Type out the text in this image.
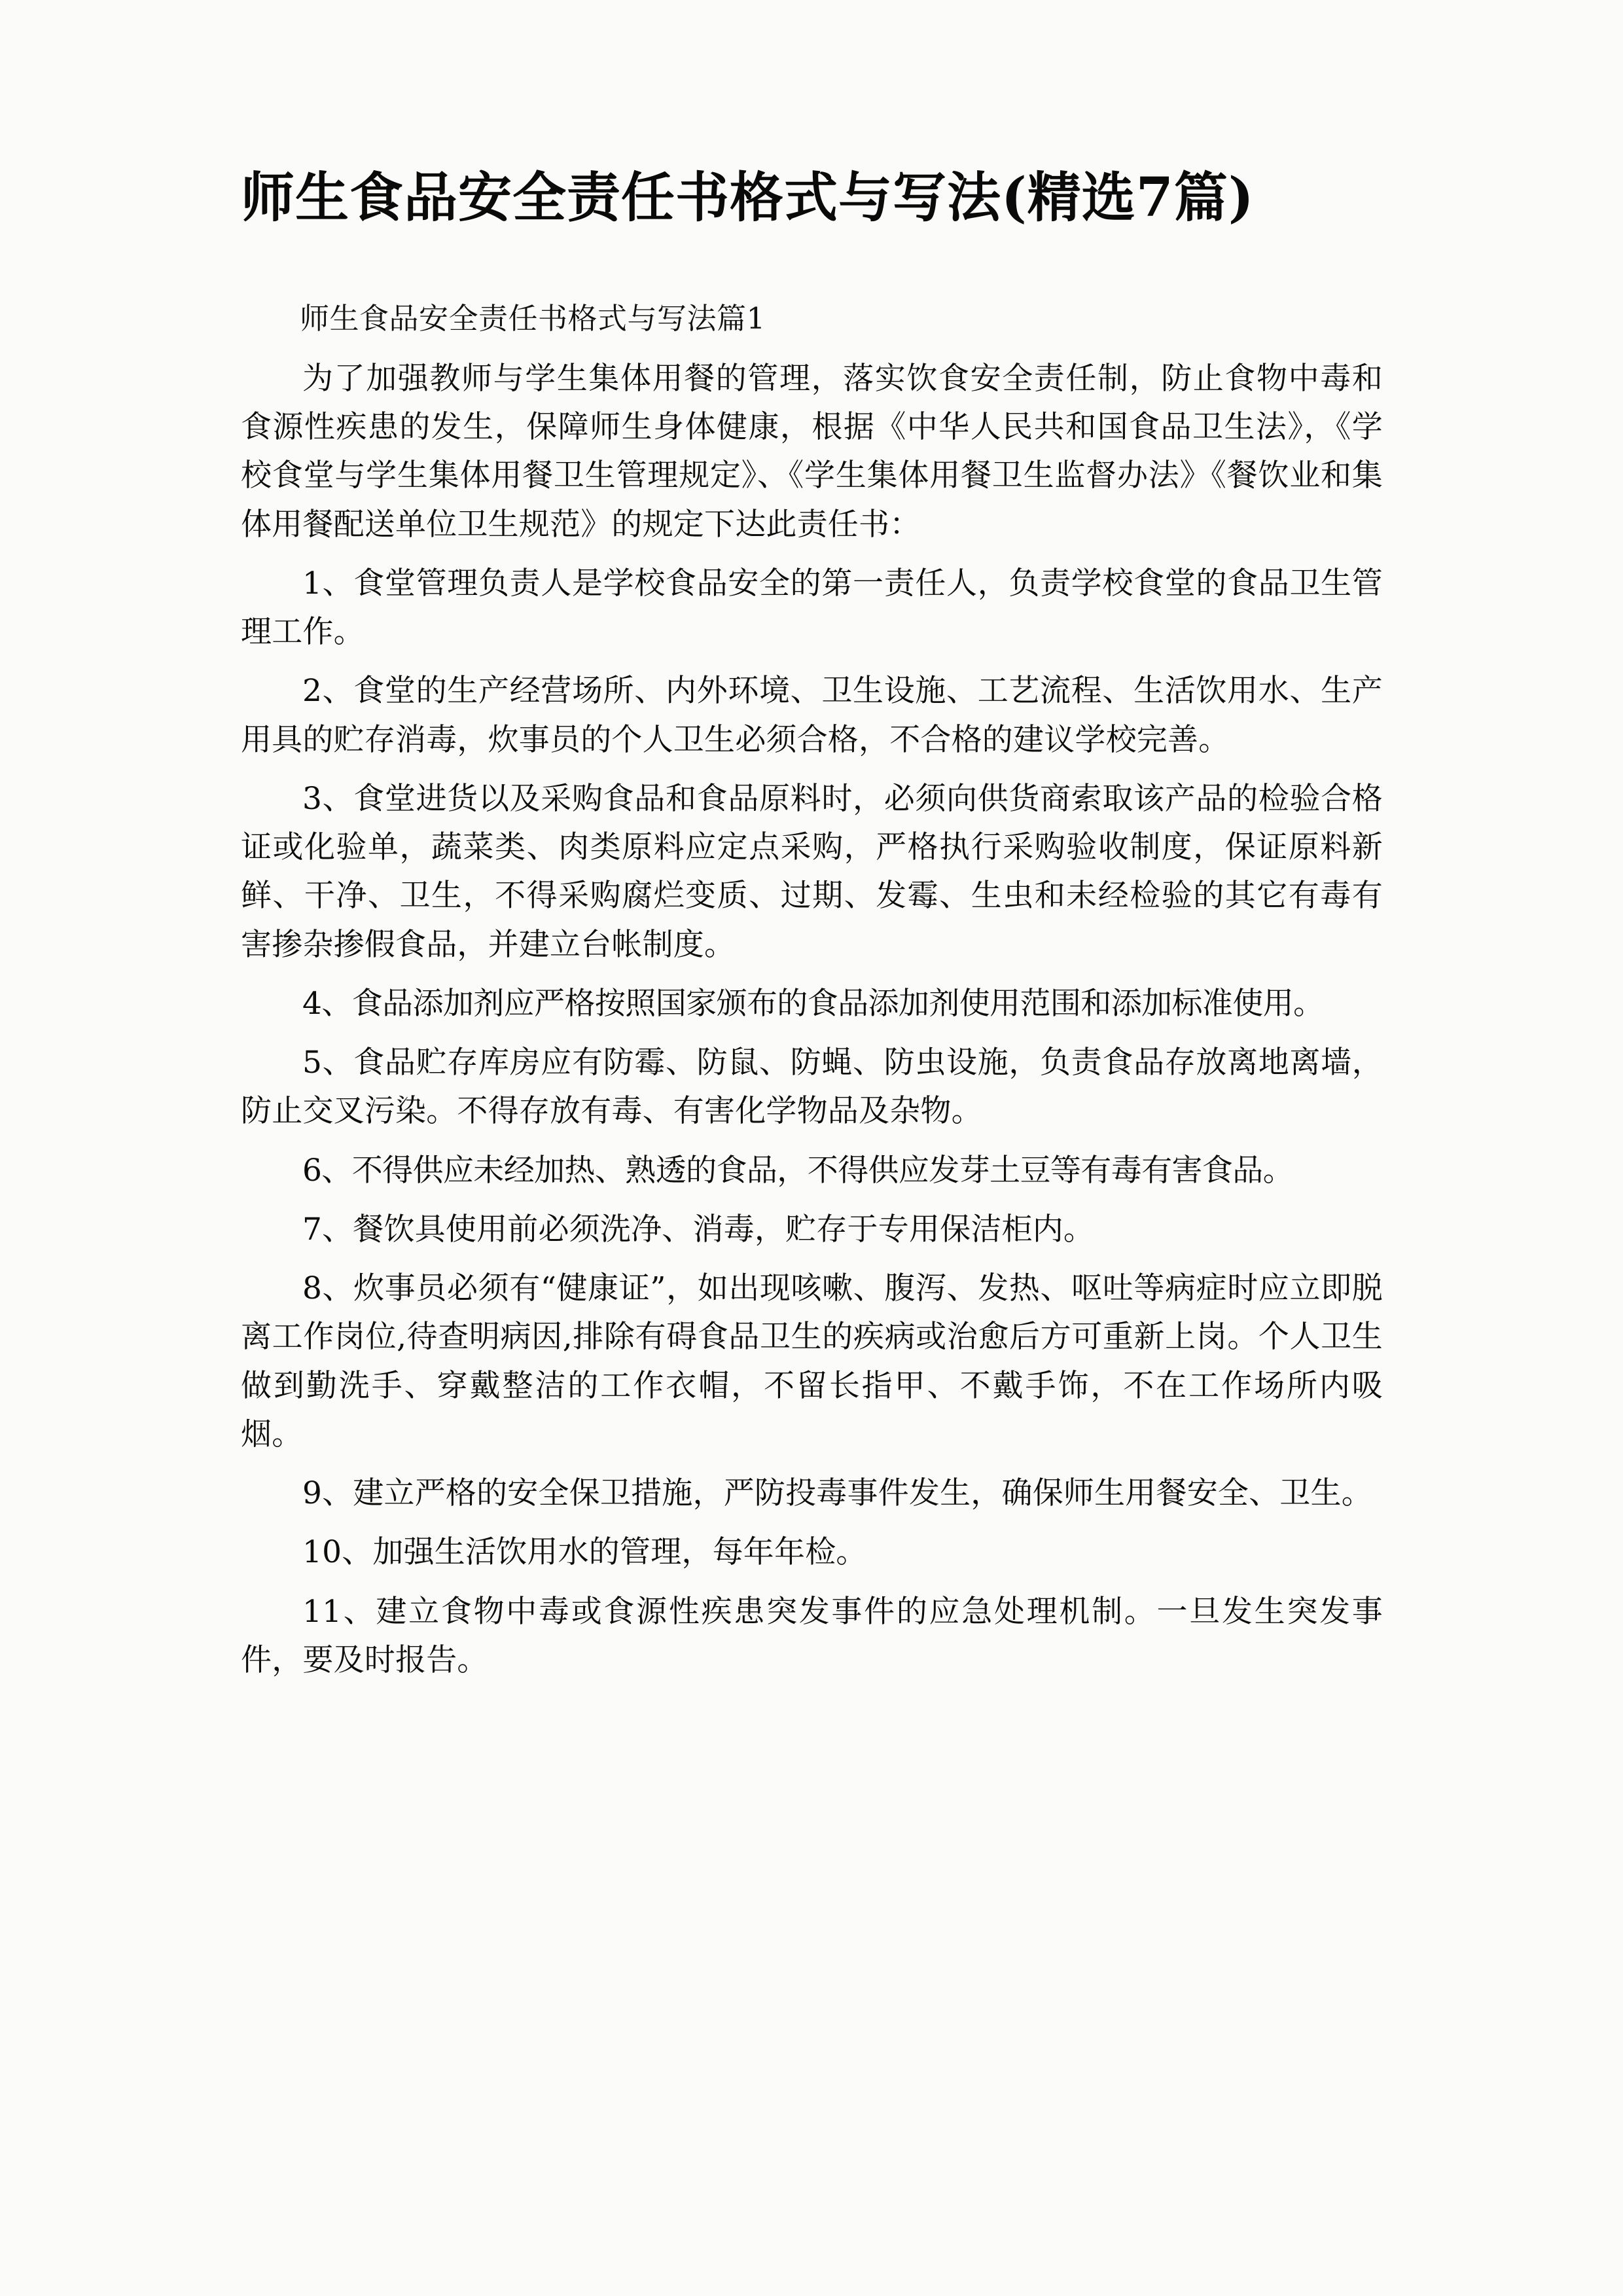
师生食品安全责任书格式与写法(精选7篇)
师生食品安全责任书格式与写法篇1

为了加强教师与学生集体用餐的管理，落实饮食安全责任制，防止食物中毒和食源性疾患的发生，保障师生身体健康，根据《中华人民共和国食品卫生法》，《学校食堂与学生集体用餐卫生管理规定》、《学生集体用餐卫生监督办法》《餐饮业和集体用餐配送单位卫生规范》的规定下达此责任书：

1、食堂管理负责人是学校食品安全的第一责任人，负责学校食堂的食品卫生管理工作。

2、食堂的生产经营场所、内外环境、卫生设施、工艺流程、生活饮用水、生产用具的贮存消毒，炊事员的个人卫生必须合格，不合格的建议学校完善。

3、食堂进货以及采购食品和食品原料时，必须向供货商索取该产品的检验合格证或化验单，蔬菜类、肉类原料应定点采购，严格执行采购验收制度，保证原料新鲜、干净、卫生，不得采购腐烂变质、过期、发霉、生虫和未经检验的其它有毒有害掺杂掺假食品，并建立台帐制度。

4、食品添加剂应严格按照国家颁布的食品添加剂使用范围和添加标准使用。

5、食品贮存库房应有防霉、防鼠、防蝇、防虫设施，负责食品存放离地离墙，防止交叉污染。不得存放有毒、有害化学物品及杂物。

6、不得供应未经加热、熟透的食品，不得供应发芽土豆等有毒有害食品。

7、餐饮具使用前必须洗净、消毒，贮存于专用保洁柜内。

8、炊事员必须有“健康证”，如出现咳嗽、腹泻、发热、呕吐等病症时应立即脱离工作岗位,待查明病因,排除有碍食品卫生的疾病或治愈后方可重新上岗。个人卫生做到勤洗手、穿戴整洁的工作衣帽，不留长指甲、不戴手饰，不在工作场所内吸烟。

9、建立严格的安全保卫措施，严防投毒事件发生，确保师生用餐安全、卫生。

10、加强生活饮用水的管理，每年年检。

11、建立食物中毒或食源性疾患突发事件的应急处理机制。一旦发生突发事件，要及时报告。
